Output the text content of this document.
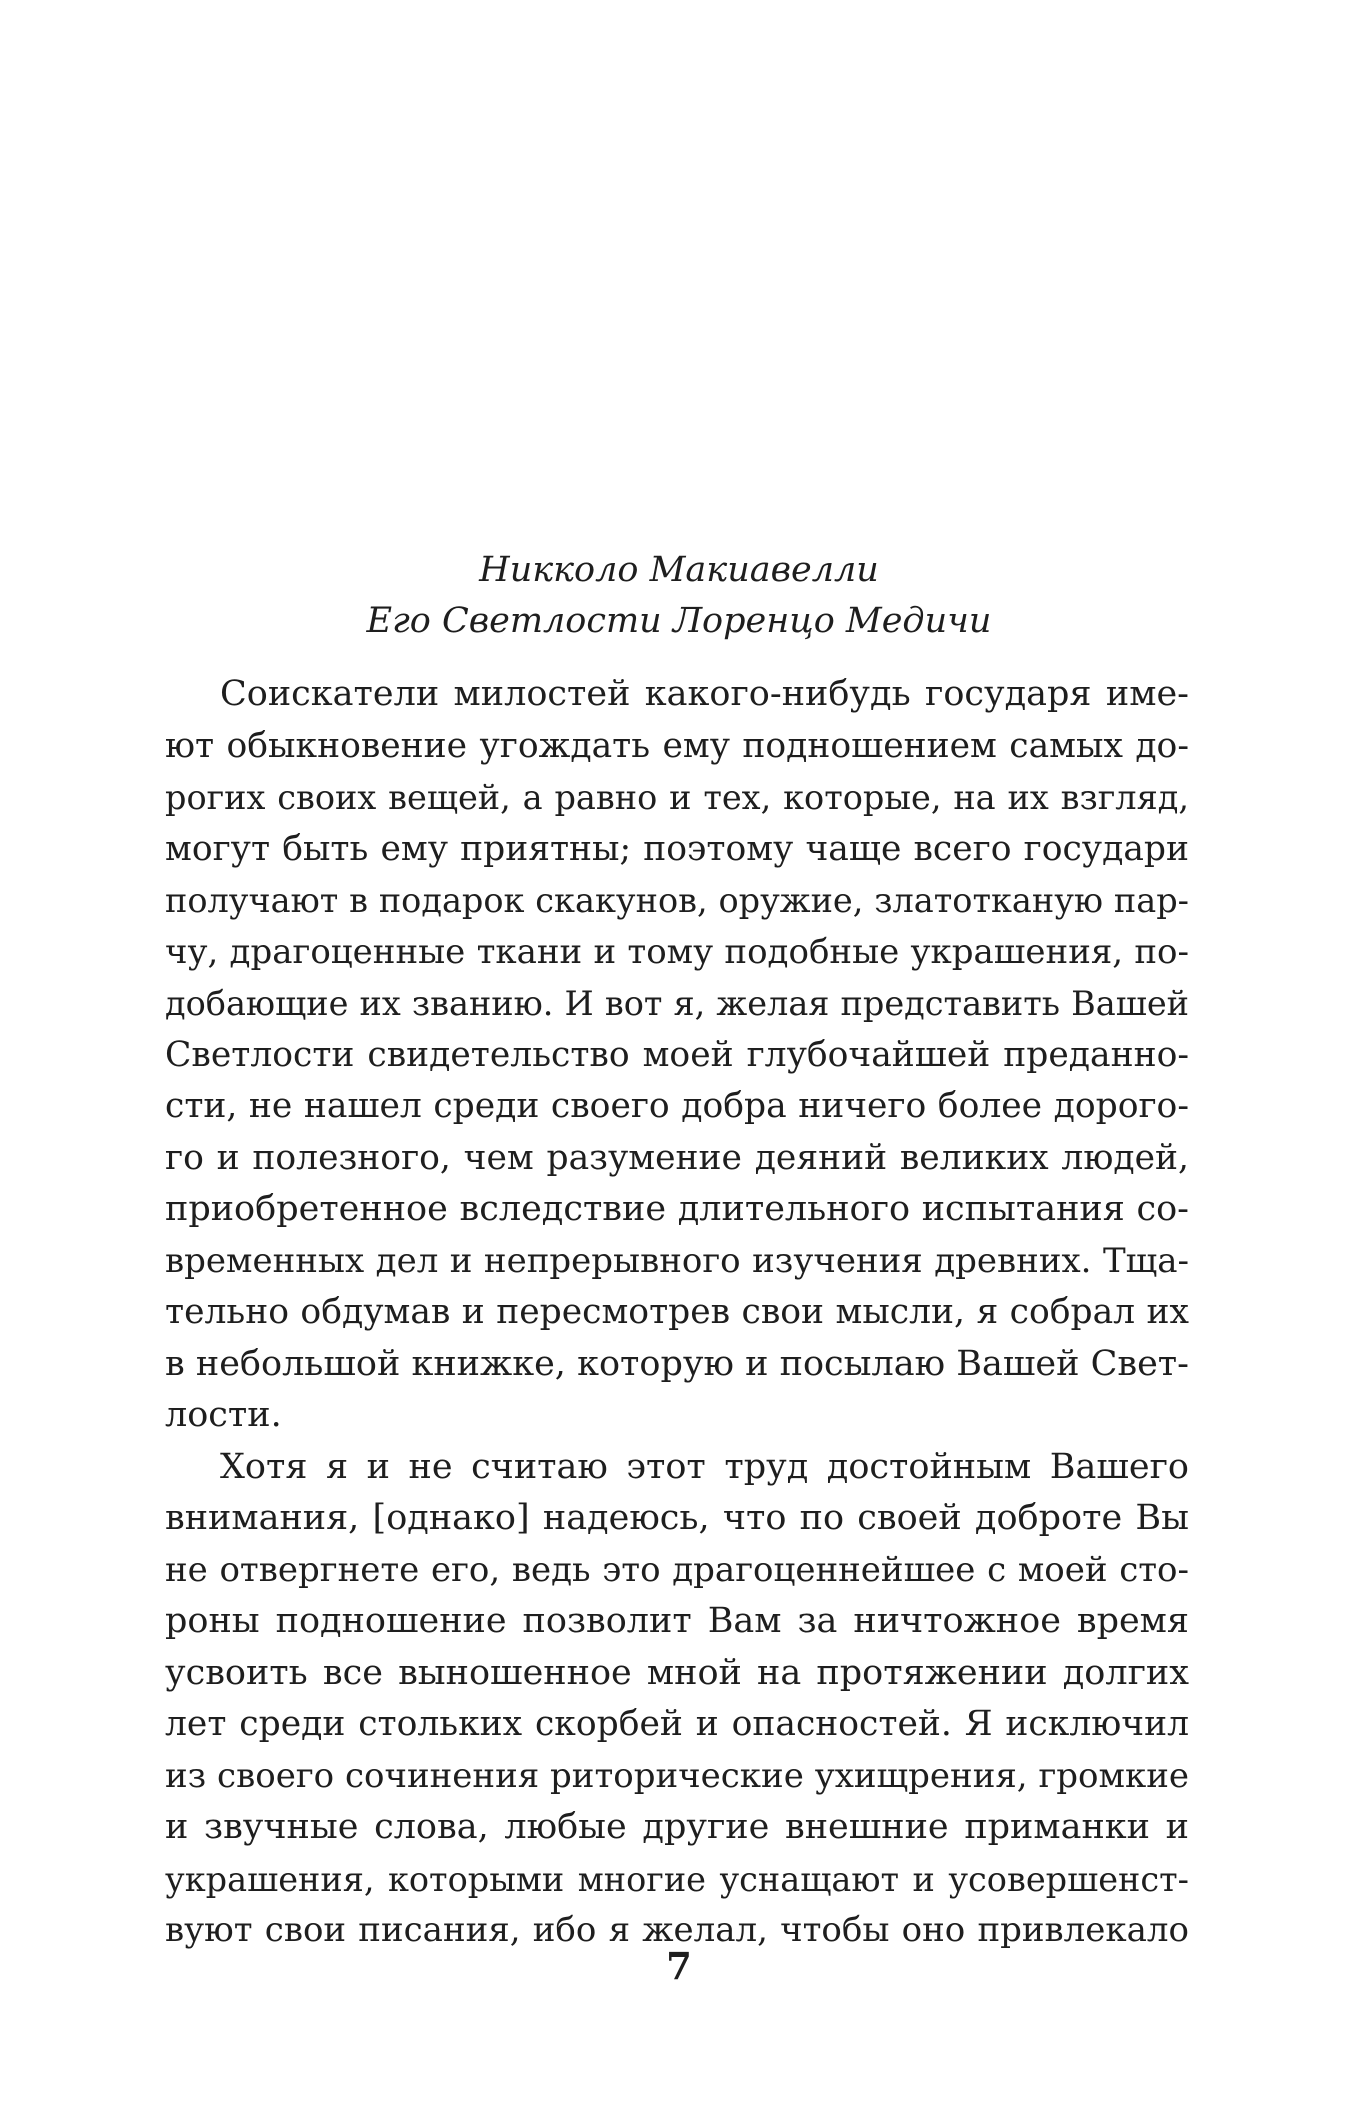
Никколо Макиавелли
Его Светлости Лоренцо Медичи
Соискатели милостей какого-нибудь государя име-
ют обыкновение угождать ему подношением самых до-
рогих своих вещей, а равно и тех, которые, на их взгляд,
могут быть ему приятны; поэтому чаще всего государи
получают в подарок скакунов, оружие, златотканую пар-
чу, драгоценные ткани и тому подобные украшения, по-
добающие их званию. И вот я, желая представить Вашей
Светлости свидетельство моей глубочайшей преданно-
сти, не нашел среди своего добра ничего более дорого-
го и полезного, чем разумение деяний великих людей,
приобретенное вследствие длительного испытания со-
временных дел и непрерывного изучения древних. Тща-
тельно обдумав и пересмотрев свои мысли, я собрал их
в небольшой книжке, которую и посылаю Вашей Свет-
лости.
Хотя я и не считаю этот труд достойным Вашего
внимания, [однако] надеюсь, что по своей доброте Вы
не отвергнете его, ведь это драгоценнейшее с моей сто-
роны подношение позволит Вам за ничтожное время
усвоить все выношенное мной на протяжении долгих
лет среди стольких скорбей и опасностей. Я исключил
из своего сочинения риторические ухищрения, громкие
и звучные слова, любые другие внешние приманки и
украшения, которыми многие уснащают и усовершенст-
вуют свои писания, ибо я желал, чтобы оно привлекало
7
